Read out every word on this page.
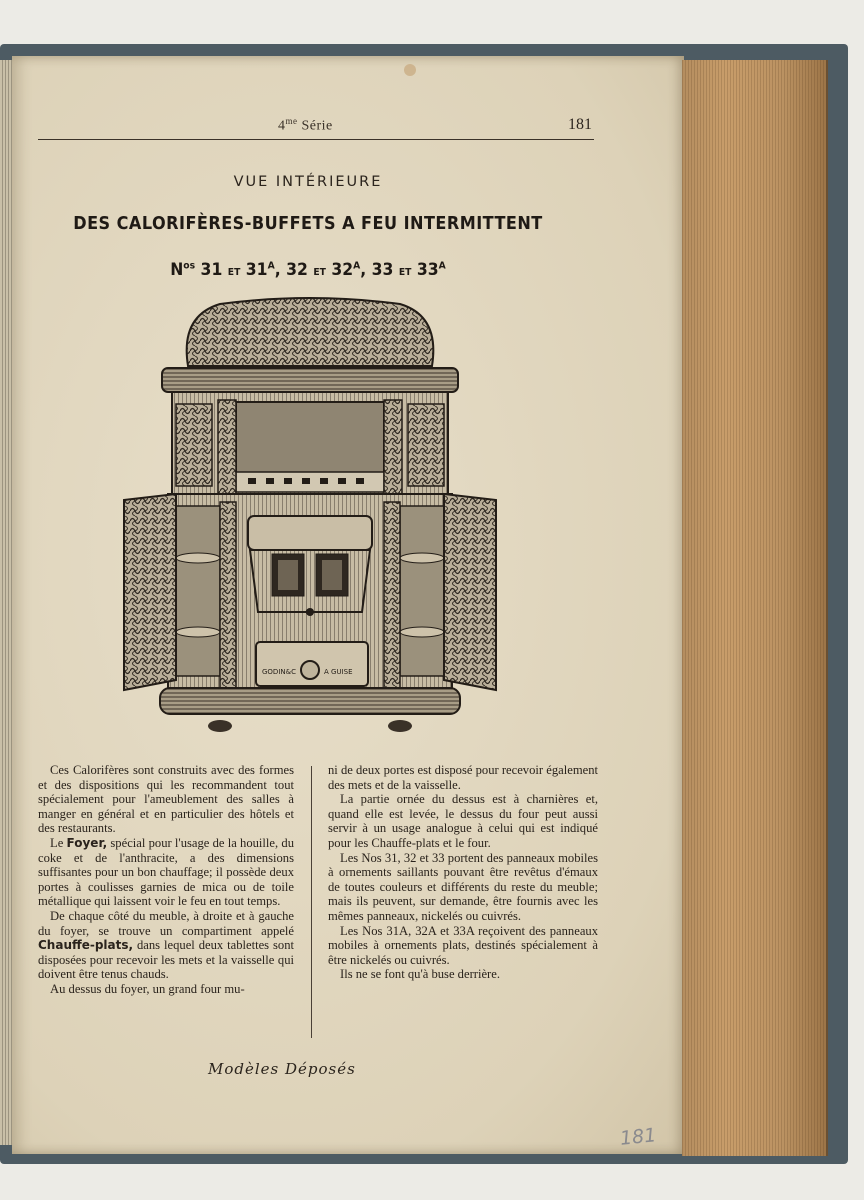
$4^{me}$ Série	181
VUE INTÉRIEURE
DES CALORIFÈRES-BUFFETS A FEU INTERMITTENT
$N^{os}$ 31 ET $31^A$, 32 ET $32^A$, 33 ET $33^A$
GODIN&C	A GUISE

Ces Calorifères sont construits avec des formes et des dispositions qui les recommandent tout spécialement pour l'ameublement des salles à manger en général et en particulier des hôtels et des restaurants.

Le Foyer, spécial pour l'usage de la houille, du coke et de l'anthracite, a des dimensions suffisantes pour un bon chauffage; il possède deux portes à coulisses garnies de mica ou de toile métallique qui laissent voir le feu en tout temps.

De chaque côté du meuble, à droite et à gauche du foyer, se trouve un compartiment appelé Chauffe-plats, dans lequel deux tablettes sont disposées pour recevoir les mets et la vaisselle qui doivent être tenus chauds.

Au dessus du foyer, un grand four mu-

ni de deux portes est disposé pour recevoir également des mets et de la vaisselle.

La partie ornée du dessus est à charnières et, quand elle est levée, le dessus du four peut aussi servir à un usage analogue à celui qui est indiqué pour les Chauffe-plats et le four.

Les Nos 31, 32 et 33 portent des panneaux mobiles à ornements saillants pouvant être revêtus d'émaux de toutes couleurs et différents du reste du meuble; mais ils peuvent, sur demande, être fournis avec les mêmes panneaux, nickelés ou cuivrés.

Les Nos 31A, 32A et 33A reçoivent des panneaux mobiles à ornements plats, destinés spécialement à être nickelés ou cuivrés.

Ils ne se font qu'à buse derrière.

Modèles Déposés
181
